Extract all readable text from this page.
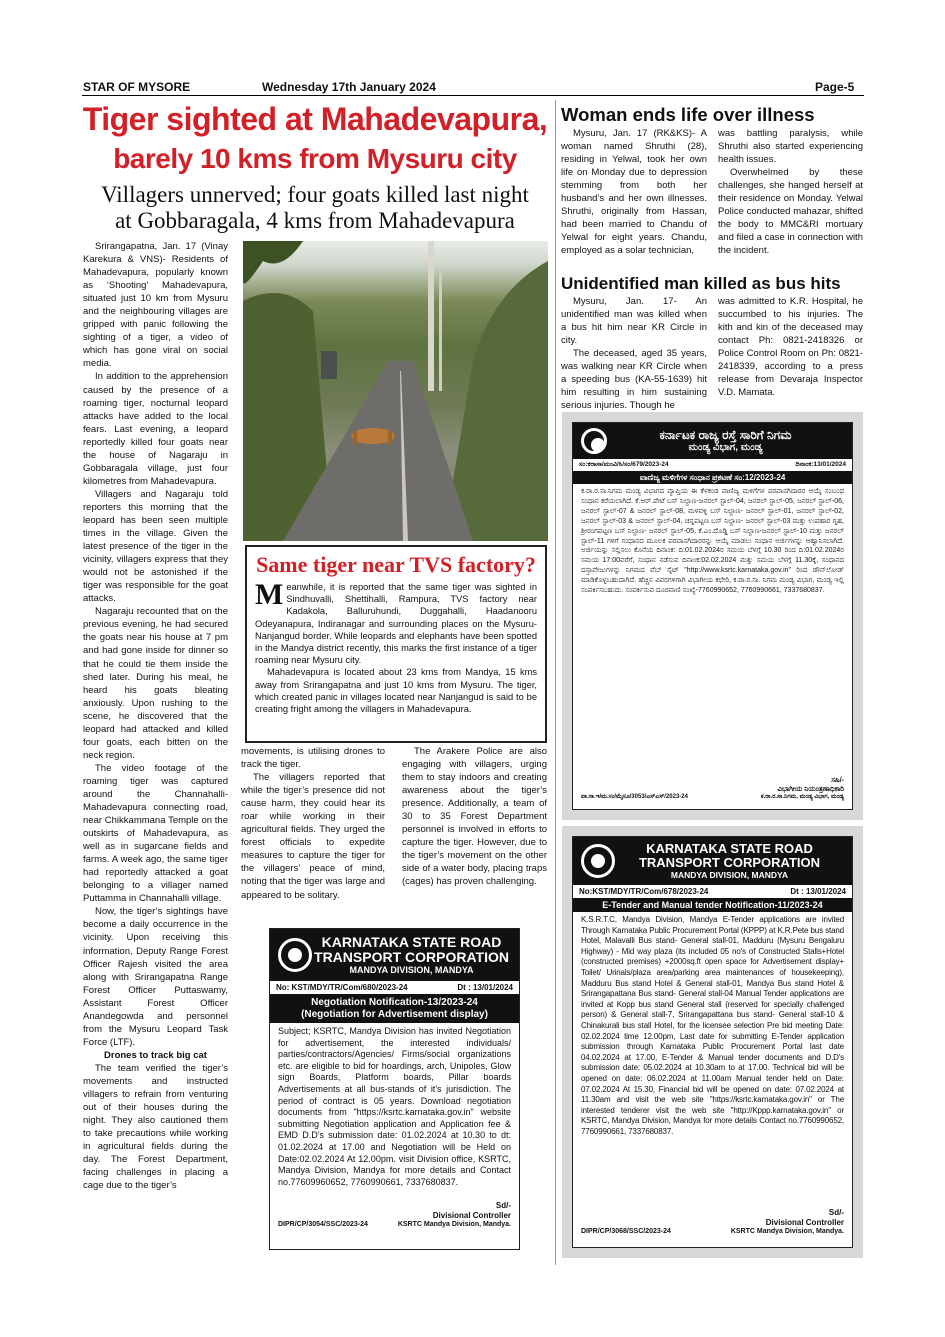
STAR OF MYSORE	Wednesday 17th January 2024	Page-5
Tiger sighted at Mahadevapura,
barely 10 kms from Mysuru city
Villagers unnerved; four goats killed last night
at Gobbaragala, 4 kms from Mahadevapura

Srirangapatna, Jan. 17 (Vinay Karekura & VNS)- Residents of Mahadevapura, popularly known as ‘Shooting’ Mahadevapura, situated just 10 km from Mysuru and the neighbouring villages are gripped with panic following the sighting of a tiger, a video of which has gone viral on social media.

In addition to the apprehension caused by the presence of a roaming tiger, nocturnal leopard attacks have added to the local fears. Last evening, a leopard reportedly killed four goats near the house of Nagaraju in Gobbaragala village, just four kilometres from Mahadevapura.

Villagers and Nagaraju told reporters this morning that the leopard has been seen multiple times in the village. Given the latest presence of the tiger in the vicinity, villagers express that they would not be astonished if the tiger was responsible for the goat attacks.

Nagaraju recounted that on the previous evening, he had secured the goats near his house at 7 pm and had gone inside for dinner so that he could tie them inside the shed later. During his meal, he heard his goats bleating anxiously. Upon rushing to the scene, he discovered that the leopard had attacked and killed four goats, each bitten on the neck region.

The video footage of the roaming tiger was captured around the Channahalli-Mahadevapura connecting road, near Chikkammana Temple on the outskirts of Mahadevapura, as well as in sugarcane fields and farms. A week ago, the same tiger had reportedly attacked a goat belonging to a villager named Puttamma in Channahalli village.

Now, the tiger’s sightings have become a daily occurrence in the vicinity. Upon receiving this information, Deputy Range Forest Officer Rajesh visited the area along with Srirangapatna Range Forest Officer Puttaswamy, Assistant Forest Officer Anandegowda and personnel from the Mysuru Leopard Task Force (LTF).

Drones to track big cat

The team verified the tiger’s movements and instructed villagers to refrain from venturing out of their houses during the night. They also cautioned them to take precautions while working in agricultural fields during the day. The Forest Department, facing challenges in placing a cage due to the tiger’s

Same tiger near TVS factory?
Meanwhile, it is reported that the same tiger was sighted in Sindhuvalli, Shettihalli, Rampura, TVS factory near Kadakola, Balluruhundi, Duggahalli, Haadanooru Odeyanapura, Indiranagar and surrounding places on the Mysuru-Nanjangud border. While leopards and elephants have been spotted in the Mandya district recently, this marks the first instance of a tiger roaming near Mysuru city.

Mahadevapura is located about 23 kms from Mandya, 15 kms away from Srirangapatna and just 10 kms from Mysuru. The tiger, which created panic in villages located near Nanjangud is said to be creating fright among the villagers in Mahadevapura.

movements, is utilising drones to track the tiger.

The villagers reported that while the tiger’s presence did not cause harm, they could hear its roar while working in their agricultural fields. They urged the forest officials to expedite measures to capture the tiger for the villagers’ peace of mind, noting that the tiger was large and appeared to be solitary.

The Arakere Police are also engaging with villagers, urging them to stay indoors and creating awareness about the tiger’s presence. Additionally, a team of 30 to 35 Forest Department personnel is involved in efforts to capture the tiger. However, due to the tiger’s movement on the other side of a water body, placing traps (cages) has proven challenging.

KARNATAKA STATE ROAD
TRANSPORT CORPORATION
MANDYA DIVISION, MANDYA
No: KST/MDY/TR/Com/680/2023-24	Dt : 13/01/2024
Negotiation Notification-13/2023-24
(Negotiation for Advertisement display)
Subject; KSRTC, Mandya Division has invited Negotiation for advertisement, the interested individuals/ parties/contractors/Agencies/ Firms/social organizations etc. are eligible to bid for hoardings, arch, Unipoles, Glow sign Boards, Platform boards, Pillar boards Advertisements at all bus-stands of it's jurisdiction. The period of contract is 05 years. Download negotiation documents from "https://ksrtc.karnataka.gov.in" website submitting Negotiation application and Application fee & EMD D.D's submission date: 01.02.2024 at 10.30 to dt: 01.02.2024 at 17.00 and Negotiation will be Held on Date:02.02.2024 At 12.00pm. visit Division office, KSRTC, Mandya Division, Mandya for more details and Contact no.77609960652, 7760990661, 7337680837.
Sd/-
Divisional Controller
DIPR/CP/3054/SSC/2023-24	KSRTC Mandya Division, Mandya.
Woman ends life over illness

Mysuru, Jan. 17 (RK&KS)- A woman named Shruthi (28), residing in Yelwal, took her own life on Monday due to depression stemming from both her husband’s and her own illnesses. Shruthi, originally from Hassan, had been married to Chandu of Yelwal for eight years. Chandu, employed as a solar technician,

was battling paralysis, while Shruthi also started experiencing health issues.

Overwhelmed by these challenges, she hanged herself at their residence on Monday. Yelwal Police conducted mahazar, shifted the body to MMC&RI mortuary and filed a case in connection with the incident.

Unidentified man killed as bus hits

Mysuru, Jan. 17- An unidentified man was killed when a bus hit him near KR Circle in city.

The deceased, aged 35 years, was walking near KR Circle when a speeding bus (KA-55-1639) hit him resulting in him sustaining serious injuries. Though he

was admitted to K.R. Hospital, he succumbed to his injuries. The kith and kin of the deceased may contact Ph: 0821-2418326 or Police Control Room on Ph: 0821-2418339, according to a press release from Devaraja Inspector V.D. Mamata.

ಕರ್ನಾಟಕ ರಾಜ್ಯ ರಸ್ತೆ ಸಾರಿಗೆ ನಿಗಮ
ಮಂಡ್ಯ ವಿಭಾಗ, ಮಂಡ್ಯ
ಸಂ:ಕರಾಸಾ/ಮಂವಿ/ಸಿ/ಸಂ/679/2023-24	ದಿನಾಂಕ:13/01/2024
ವಾಣಿಜ್ಯ ಮಳಿಗೆಗಳ ಸಂಧಾನ ಪ್ರಕಟಣೆ ಸಂ:12/2023-24
ಕ.ರಾ.ರ.ಸಾ.ನಿಗಮ ಮಂಡ್ಯ ವಿಭಾಗದ ವ್ಯಾಪ್ತಿಯ ಈ ಕೆಳಕಂಡ ವಾಣಿಜ್ಯ ಮಳಿಗೆಗಳ ಪರವಾನಗಿದಾರರ ಆಯ್ಕೆ ಸಂಬಂಧ ಸಂಧಾನ ಕರೆಯಲಾಗಿದೆ. ಕೆ.ಆರ್.ಪೇಟೆ ಬಸ್ ನಿಲ್ದಾಣ-ಜನರಲ್ ಸ್ಟಾಲ್-04, ಜನರಲ್ ಸ್ಟಾಲ್-05, ಜನರಲ್ ಸ್ಟಾಲ್-06, ಜನರಲ್ ಸ್ಟಾಲ್-07 & ಜನರಲ್ ಸ್ಟಾಲ್-08, ಮಳವಳ್ಳಿ ಬಸ್ ನಿಲ್ದಾಣ- ಜನರಲ್ ಸ್ಟಾಲ್-01, ಜನರಲ್ ಸ್ಟಾಲ್-02, ಜನರಲ್ ಸ್ಟಾಲ್-03 & ಜನರಲ್ ಸ್ಟಾಲ್-04, ಚನ್ನಪಟ್ಟಣ ಬಸ್ ನಿಲ್ದಾಣ- ಜನರಲ್ ಸ್ಟಾಲ್-03 ಮತ್ತು ಉಪಹಾರ ಗೃಹ, ಶ್ರೀರಂಗಪಟ್ಟಣ ಬಸ್ ನಿಲ್ದಾಣ- ಜನರಲ್ ಸ್ಟಾಲ್-05, ಕೆ.ಎಂ.ದೊಡ್ಡಿ ಬಸ್ ನಿಲ್ದಾಣ-ಜನರಲ್ ಸ್ಟಾಲ್-10 ಮತ್ತು ಜನರಲ್ ಸ್ಟಾಲ್-11 ಗಳಿಗೆ ಸಂಧಾನದ ಮೂಲಕ ಪರವಾನಗಿದಾರರನ್ನು ಆಯ್ಕೆ ಮಾಡಲು ಸಂಧಾನ ಅರ್ಜಿಗಳನ್ನು ಆಹ್ವಾನಿಸಲಾಗಿದೆ. ಅರ್ಜಿಯನ್ನು ಸಲ್ಲಿಸಲು ಕೊನೆಯ ದಿನಾಂಕ: ದಿ:01.02.2024ರ ಸಮಯ ಬೆಳಗ್ಗೆ 10.30 ರಿಂದ ದಿ:01.02.2024ರ ಸಮಯ 17:00ವರೆಗೆ, ಸಂಧಾನ ನಡೆಸುವ ದಿನಾಂಕ:02.02.2024 ಮತ್ತು ಸಮಯ ಬೆಳಗ್ಗೆ 11.30ಕ್ಕೆ, ಸಂಧಾನದ ದಸ್ತಾವೇಜುಗಳನ್ನು ನಿಗಮದ ವೆಬ್ ಸೈಟ್ "http://www.ksrtc.karnataka.gov.in" ರಿಂದ ಡೌನ್‌ಲೋಡ್ ಮಾಡಿಕೊಳ್ಳಬಹುದಾಗಿದೆ. ಹೆಚ್ಚಿನ ವಿವರಗಳಿಗಾಗಿ ವಿಭಾಗೀಯ ಕಛೇರಿ, ಕ.ರಾ.ರ.ಸಾ. ನಿಗಮ ಮಂಡ್ಯ ವಿಭಾಗ, ಮಂಡ್ಯ ಇಲ್ಲಿ ಸಂಪರ್ಕಿಸಬಹುದು. ಸಂಪರ್ಕಿಸುವ ದೂರವಾಣಿ ಸಂಖ್ಯೆ-7760990652, 7760990661, 7337680837.
ಸಹಿ/-
ವಿಭಾಗೀಯ ನಿಯಂತ್ರಣಾಧಿಕಾರಿ
ವಾ.ಸಾ.ಇ/ಮ.ಸಂ/ಮೈಸೂ/3053/ಎಸ್ಎಸ್/2023-24	ಕ.ರಾ.ರ.ಸಾ.ನಿಗಮ, ಮಂಡ್ಯ ವಿಭಾಗ, ಮಂಡ್ಯ
KARNATAKA STATE ROAD
TRANSPORT CORPORATION
MANDYA DIVISION, MANDYA
No:KST/MDY/TR/Com/678/2023-24	Dt : 13/01/2024
E-Tender and Manual tender Notification-11/2023-24
K.S.R.T.C, Mandya Division, Mandya E-Tender applications are invited Through Karnataka Public Procurement Portal (KPPP) at K.R.Pete bus stand Hotel, Malavalli Bus stand- General stall-01, Madduru (Mysuru Bengaluru Highway) - Mid way plaza (its included 05 no's of Constructed Stalls+Hotel (constructed premises) +2000sq.ft open space for Advertisement display+ Toilet/ Urinals/plaza area/parking area maintenances of housekeeping), Madduru Bus stand Hotel & General stall-01, Mandya Bus stand Hotel & Srirangapattana Bus stand- General stall-04 Manual Tender applications are invited at Kopp bus stand General stall (reserved for specially challenged person) & General stall-7, Srirangapattana bus stand- General stall-10 & Chinakurali bus stall Hotel, for the licensee selection Pre bid meeting Date: 02.02.2024 time 12.00pm, Last date for submitting E-Tender application submission through Karnataka Public Procurement Portal last date 04.02.2024 at 17.00, E-Tender & Manual tender documents and D.D's submission date: 05.02.2024 at 10.30am to at 17.00. Technical bid will be opened on date: 06.02.2024 at 11.00am Manual tender held on Date: 07.02.2024 At 15.30, Financial bid will be opened on date: 07.02.2024 at 11.30am and visit the web site "https://ksrtc.karnataka.gov.in" or The interested tenderer visit the web site "http://Kppp.karnataka.gov.in" or KSRTC, Mandya Division, Mandya for more details Contact no.7760990652, 7760990661, 7337680837.
Sd/-
Divisional Controller
DIPR/CP/3068/SSC/2023-24	KSRTC Mandya Division, Mandya.
